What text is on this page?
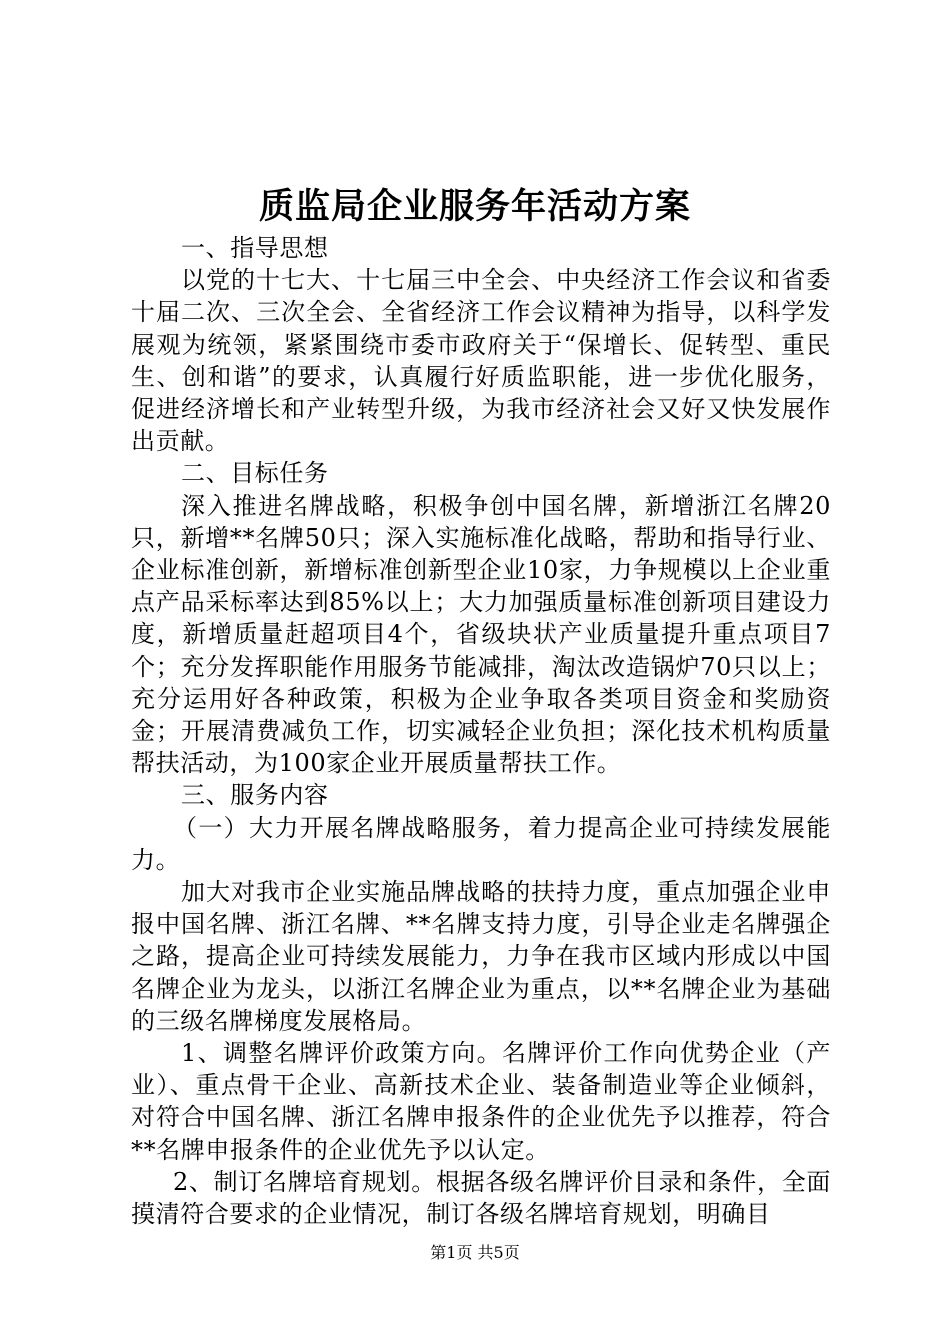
质监局企业服务年活动方案

一、指导思想

以党的十七大、十七届三中全会、中央经济工作会议和省委十届二次、三次全会、全省经济工作会议精神为指导，以科学发展观为统领，紧紧围绕市委市政府关于“保增长、促转型、重民生、创和谐”的要求，认真履行好质监职能，进一步优化服务，促进经济增长和产业转型升级，为我市经济社会又好又快发展作出贡献。

二、目标任务

深入推进名牌战略，积极争创中国名牌，新增浙江名牌20只，新增**名牌50只；深入实施标准化战略，帮助和指导行业、企业标准创新，新增标准创新型企业10家，力争规模以上企业重点产品采标率达到85%以上；大力加强质量标准创新项目建设力度，新增质量赶超项目4个，省级块状产业质量提升重点项目7个；充分发挥职能作用服务节能减排，淘汰改造锅炉70只以上；充分运用好各种政策，积极为企业争取各类项目资金和奖励资金；开展清费减负工作，切实减轻企业负担；深化技术机构质量帮扶活动，为100家企业开展质量帮扶工作。

三、服务内容

（一）大力开展名牌战略服务，着力提高企业可持续发展能力。

加大对我市企业实施品牌战略的扶持力度，重点加强企业申报中国名牌、浙江名牌、**名牌支持力度，引导企业走名牌强企之路，提高企业可持续发展能力，力争在我市区域内形成以中国名牌企业为龙头，以浙江名牌企业为重点，以**名牌企业为基础的三级名牌梯度发展格局。

1、调整名牌评价政策方向。名牌评价工作向优势企业（产业）、重点骨干企业、高新技术企业、装备制造业等企业倾斜，对符合中国名牌、浙江名牌申报条件的企业优先予以推荐，符合**名牌申报条件的企业优先予以认定。

2、制订名牌培育规划。根据各级名牌评价目录和条件，全面摸清符合要求的企业情况，制订各级名牌培育规划，明确目

第1页 共5页
